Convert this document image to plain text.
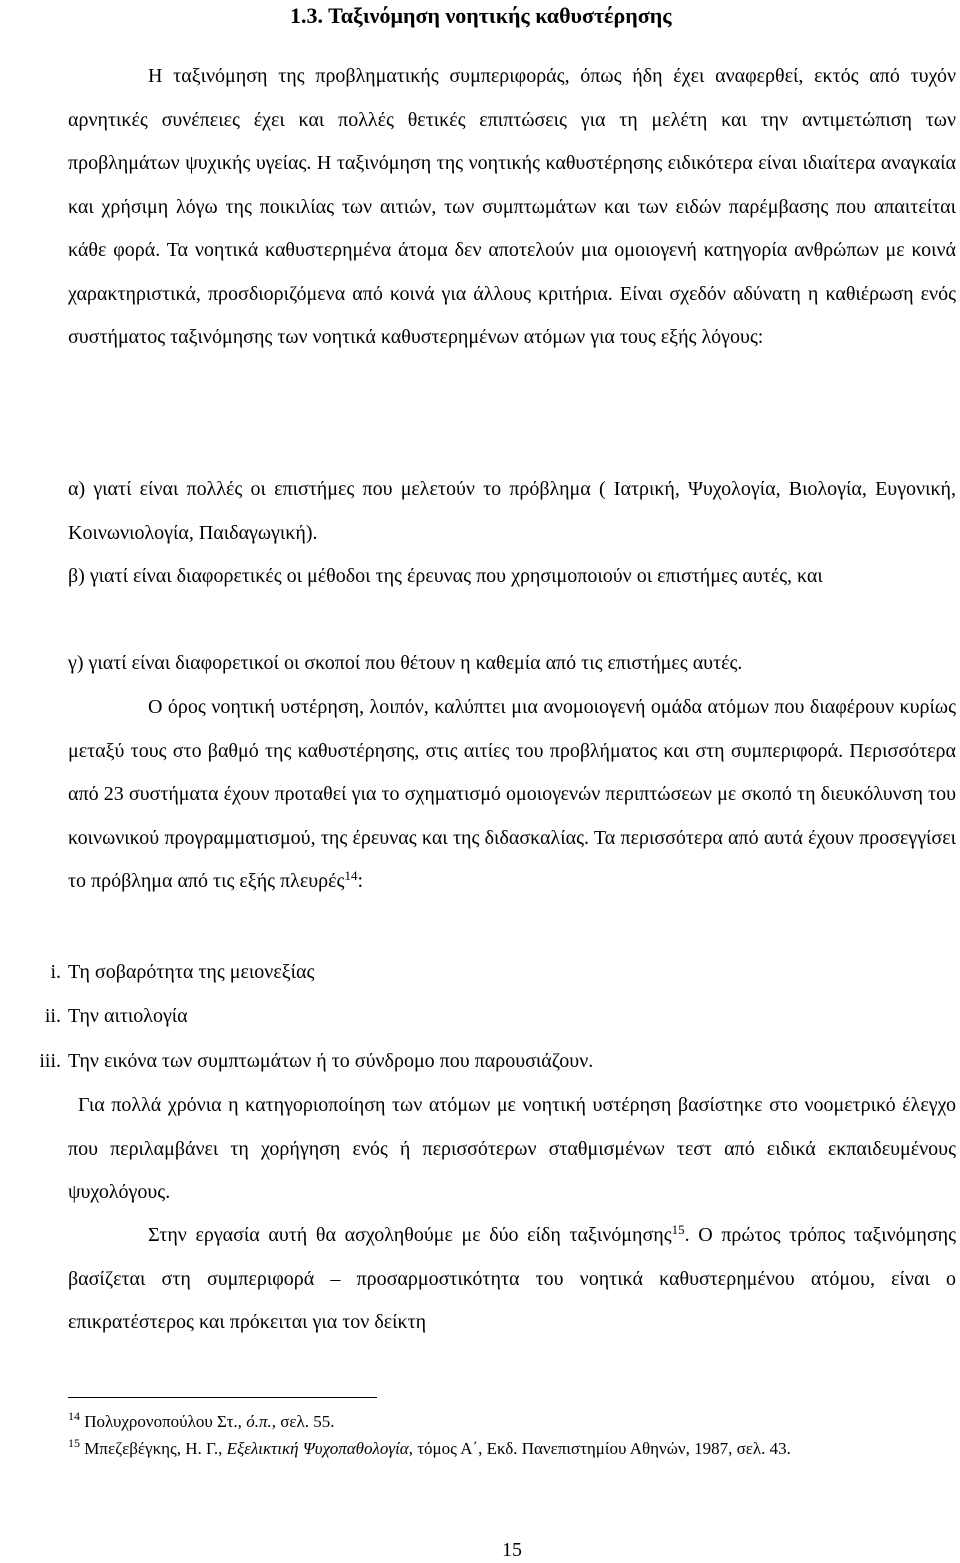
1.3. Ταξινόμηση νοητικής καθυστέρησης
Η ταξινόμηση της προβληματικής συμπεριφοράς, όπως ήδη έχει αναφερθεί, εκτός από τυχόν αρνητικές συνέπειες έχει και πολλές θετικές επιπτώσεις για τη μελέτη και την αντιμετώπιση των προβλημάτων ψυχικής υγείας. Η ταξινόμηση της νοητικής καθυστέρησης ειδικότερα είναι ιδιαίτερα αναγκαία και χρήσιμη λόγω της ποικιλίας των αιτιών, των συμπτωμάτων και των ειδών παρέμβασης που απαιτείται κάθε φορά. Τα νοητικά καθυστερημένα άτομα δεν αποτελούν μια ομοιογενή κατηγορία ανθρώπων με κοινά χαρακτηριστικά, προσδιοριζόμενα από κοινά για άλλους κριτήρια. Είναι σχεδόν αδύνατη η καθιέρωση ενός συστήματος ταξινόμησης των νοητικά καθυστερημένων ατόμων για τους εξής λόγους:
α) γιατί είναι πολλές οι επιστήμες που μελετούν το πρόβλημα ( Ιατρική, Ψυχολογία, Βιολογία, Ευγονική, Κοινωνιολογία, Παιδαγωγική).
β) γιατί είναι διαφορετικές οι μέθοδοι της έρευνας που χρησιμοποιούν οι επιστήμες αυτές, και
γ) γιατί είναι διαφορετικοί οι σκοποί που θέτουν η καθεμία από τις επιστήμες αυτές.
Ο όρος νοητική υστέρηση, λοιπόν, καλύπτει μια ανομοιογενή ομάδα ατόμων που διαφέρουν κυρίως μεταξύ τους στο βαθμό της καθυστέρησης, στις αιτίες του προβλήματος και στη συμπεριφορά. Περισσότερα από 23 συστήματα έχουν προταθεί για το σχηματισμό ομοιογενών περιπτώσεων με σκοπό τη διευκόλυνση του κοινωνικού προγραμματισμού, της έρευνας και της διδασκαλίας. Τα περισσότερα από αυτά έχουν προσεγγίσει το πρόβλημα από τις εξής πλευρές$^{14}$:
i. Τη σοβαρότητα της μειονεξίας
ii. Την αιτιολογία
iii. Την εικόνα των συμπτωμάτων ή το σύνδρομο που παρουσιάζουν.
Για πολλά χρόνια η κατηγοριοποίηση των ατόμων με νοητική υστέρηση βασίστηκε στο νοομετρικό έλεγχο που περιλαμβάνει τη χορήγηση ενός ή περισσότερων σταθμισμένων τεστ από ειδικά εκπαιδευμένους ψυχολόγους.
Στην εργασία αυτή θα ασχοληθούμε με δύο είδη ταξινόμησης$^{15}$. Ο πρώτος τρόπος ταξινόμησης βασίζεται στη συμπεριφορά – προσαρμοστικότητα του νοητικά καθυστερημένου ατόμου, είναι ο επικρατέστερος και πρόκειται για τον δείκτη
$^{14}$ Πολυχρονοπούλου Στ., ό.π., σελ. 55.
$^{15}$ Μπεζεβέγκης, Η. Γ., Εξελικτική Ψυχοπαθολογία, τόμος Α΄, Εκδ. Πανεπιστημίου Αθηνών, 1987, σελ. 43.
15
